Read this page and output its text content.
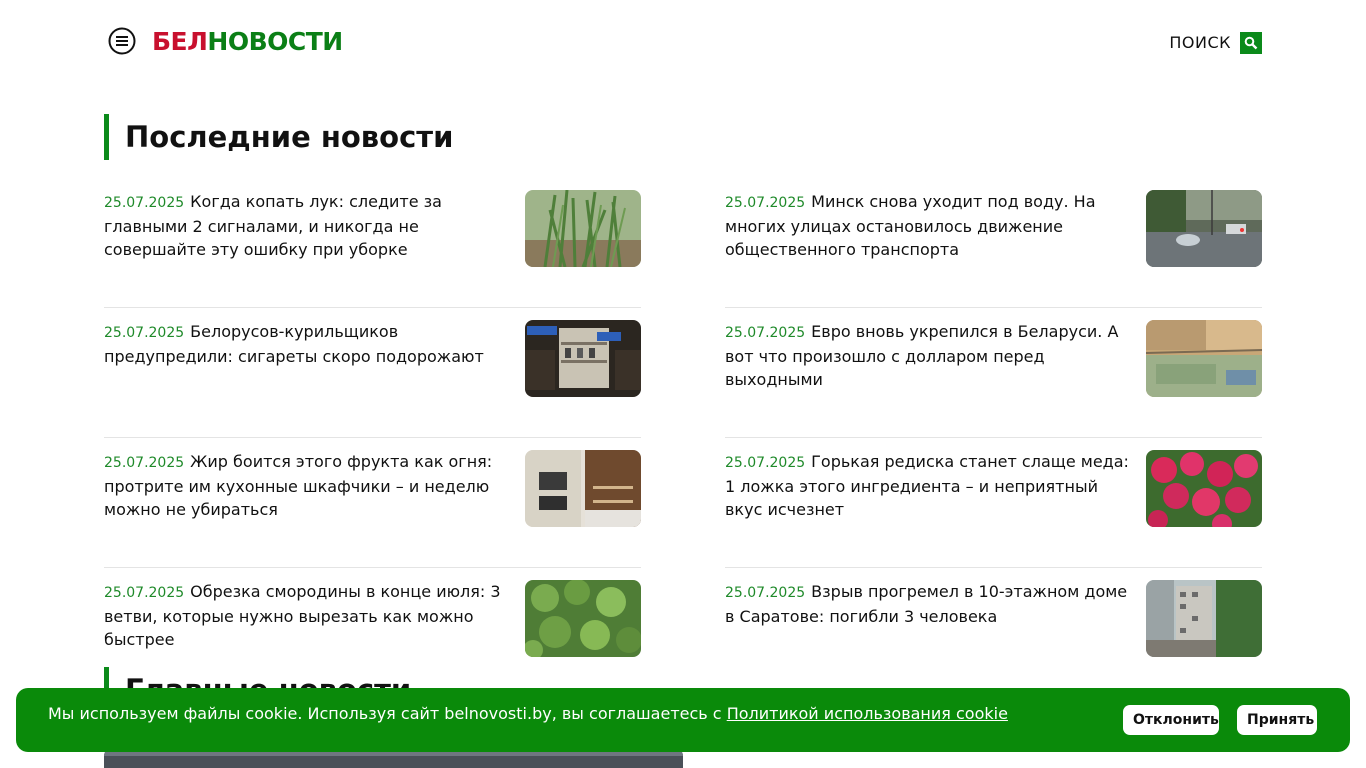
БЕЛНОВОСТИ	ПОИСК
Последние новости
25.07.2025 Когда копать лук: следите за главными 2 сигналами, и никогда не совершайте эту ошибку при уборке
25.07.2025 Минск снова уходит под воду. На многих улицах остановилось движение общественного транспорта
25.07.2025 Белорусов-курильщиков предупредили: сигареты скоро подорожают
25.07.2025 Евро вновь укрепился в Беларуси. А вот что произошло с долларом перед выходными
25.07.2025 Жир боится этого фрукта как огня: протрите им кухонные шкафчики – и неделю можно не убираться
25.07.2025 Горькая редиска станет слаще меда: 1 ложка этого ингредиента – и неприятный вкус исчезнет
25.07.2025 Обрезка смородины в конце июля: 3 ветви, которые нужно вырезать как можно быстрее
25.07.2025 Взрыв прогремел в 10-этажном доме в Саратове: погибли 3 человека
Мы используем файлы cookie. Используя сайт belnovosti.by, вы соглашаетесь с Политикой использования cookie	Отклонить	Принять
